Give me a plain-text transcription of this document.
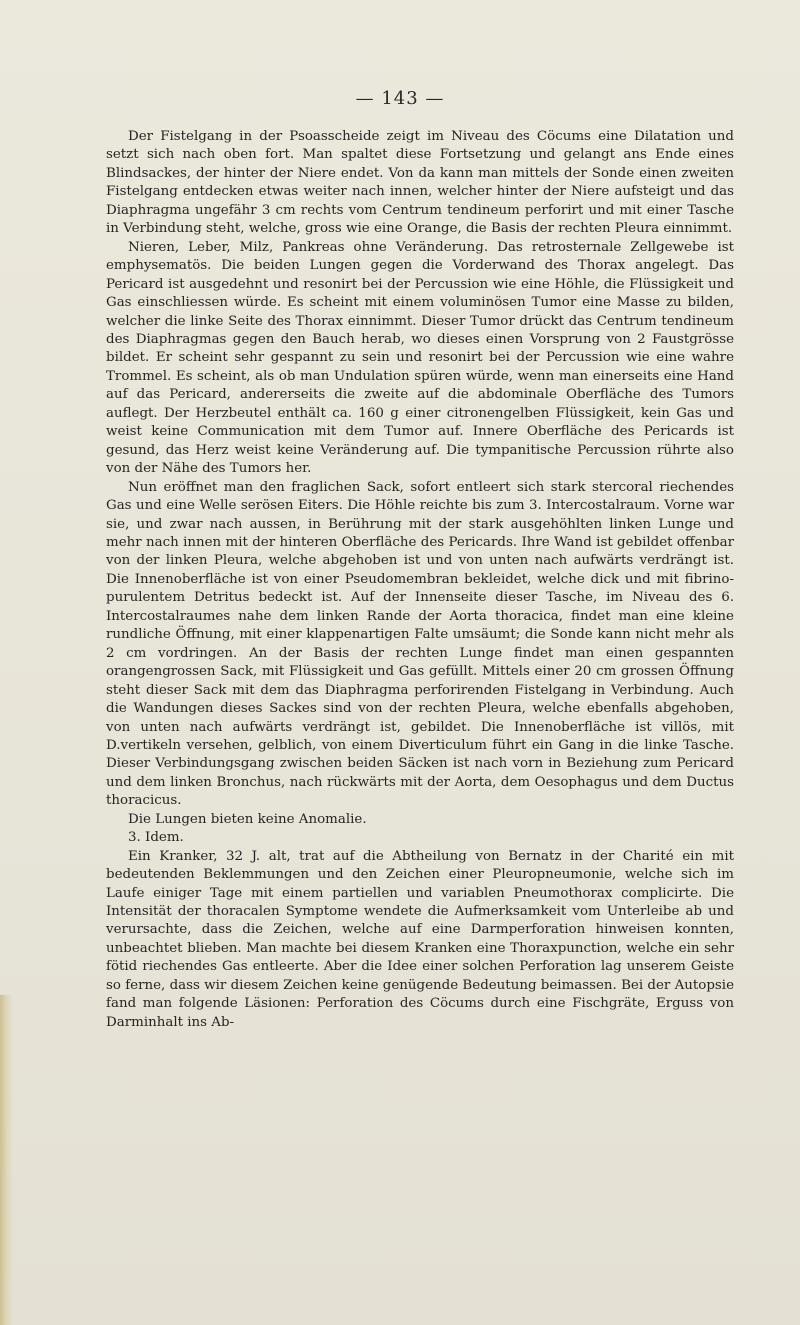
— 143 —

Der Fistelgang in der Psoasscheide zeigt im Niveau des Cöcums eine Dilatation und setzt sich nach oben fort. Man spaltet diese Fortsetzung und gelangt ans Ende eines Blindsackes, der hinter der Niere endet. Von da kann man mittels der Sonde einen zweiten Fistelgang entdecken etwas weiter nach innen, welcher hinter der Niere aufsteigt und das Diaphragma ungefähr 3 cm rechts vom Centrum tendineum perforirt und mit einer Tasche in Verbindung steht, welche, gross wie eine Orange, die Basis der rechten Pleura einnimmt.

Nieren, Leber, Milz, Pankreas ohne Veränderung. Das retrosternale Zellgewebe ist emphysematös. Die beiden Lungen gegen die Vorderwand des Thorax angelegt. Das Pericard ist ausgedehnt und resonirt bei der Percussion wie eine Höhle, die Flüssigkeit und Gas einschliessen würde. Es scheint mit einem voluminösen Tumor eine Masse zu bilden, welcher die linke Seite des Thorax einnimmt. Dieser Tumor drückt das Centrum tendineum des Diaphragmas gegen den Bauch herab, wo dieses einen Vorsprung von 2 Faustgrösse bildet. Er scheint sehr gespannt zu sein und resonirt bei der Percussion wie eine wahre Trommel. Es scheint, als ob man Undulation spüren würde, wenn man einerseits eine Hand auf das Pericard, andererseits die zweite auf die abdominale Oberfläche des Tumors auflegt. Der Herzbeutel enthält ca. 160 g einer citronengelben Flüssigkeit, kein Gas und weist keine Communication mit dem Tumor auf. Innere Oberfläche des Pericards ist gesund, das Herz weist keine Veränderung auf. Die tympanitische Percussion rührte also von der Nähe des Tumors her.

Nun eröffnet man den fraglichen Sack, sofort entleert sich stark stercoral riechendes Gas und eine Welle serösen Eiters. Die Höhle reichte bis zum 3. Intercostalraum. Vorne war sie, und zwar nach aussen, in Berührung mit der stark ausgehöhlten linken Lunge und mehr nach innen mit der hinteren Oberfläche des Pericards. Ihre Wand ist gebildet offenbar von der linken Pleura, welche abgehoben ist und von unten nach aufwärts verdrängt ist. Die Innenoberfläche ist von einer Pseudomembran bekleidet, welche dick und mit fibrino-purulentem Detritus bedeckt ist. Auf der Innenseite dieser Tasche, im Niveau des 6. Intercostalraumes nahe dem linken Rande der Aorta thoracica, findet man eine kleine rundliche Öffnung, mit einer klappenartigen Falte umsäumt; die Sonde kann nicht mehr als 2 cm vordringen. An der Basis der rechten Lunge findet man einen gespannten orangengrossen Sack, mit Flüssigkeit und Gas gefüllt. Mittels einer 20 cm grossen Öffnung steht dieser Sack mit dem das Diaphragma perforirenden Fistelgang in Verbindung. Auch die Wandungen dieses Sackes sind von der rechten Pleura, welche ebenfalls abgehoben, von unten nach aufwärts verdrängt ist, gebildet. Die Innenoberfläche ist villös, mit D.vertikeln versehen, gelblich, von einem Diverticulum führt ein Gang in die linke Tasche. Dieser Verbindungsgang zwischen beiden Säcken ist nach vorn in Beziehung zum Pericard und dem linken Bronchus, nach rückwärts mit der Aorta, dem Oesophagus und dem Ductus thoracicus.

Die Lungen bieten keine Anomalie.

3. Idem.

Ein Kranker, 32 J. alt, trat auf die Abtheilung von Bernatz in der Charité ein mit bedeutenden Beklemmungen und den Zeichen einer Pleuropneumonie, welche sich im Laufe einiger Tage mit einem partiellen und variablen Pneumothorax complicirte. Die Intensität der thoracalen Symptome wendete die Aufmerksamkeit vom Unterleibe ab und verursachte, dass die Zeichen, welche auf eine Darmperforation hinweisen konnten, unbeachtet blieben. Man machte bei diesem Kranken eine Thoraxpunction, welche ein sehr fötid riechendes Gas entleerte. Aber die Idee einer solchen Perforation lag unserem Geiste so ferne, dass wir diesem Zeichen keine genügende Bedeutung beimassen. Bei der Autopsie fand man folgende Läsionen: Perforation des Cöcums durch eine Fischgräte, Erguss von Darminhalt ins Ab-
